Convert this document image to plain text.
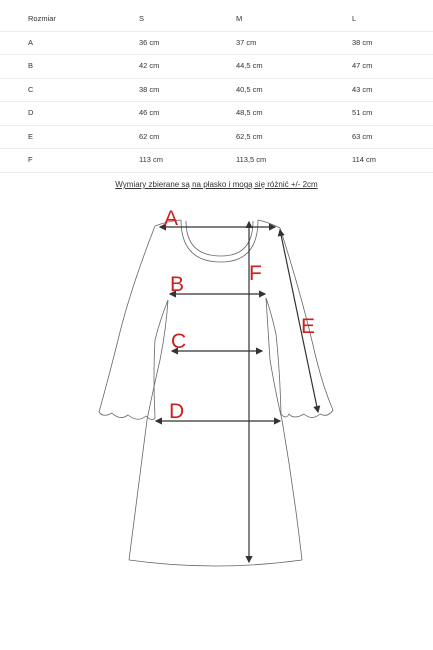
Rozmiar	S	M	L
A	36 cm	37 cm	38 cm
B	42 cm	44,5 cm	47 cm
C	38 cm	40,5 cm	43 cm
D	46 cm	48,5 cm	51 cm
E	62 cm	62,5 cm	63 cm
F	113 cm	113,5 cm	114 cm
Wymiary zbierane są na płasko i mogą się różnić +/- 2cm
A
B
C
D
E
F
